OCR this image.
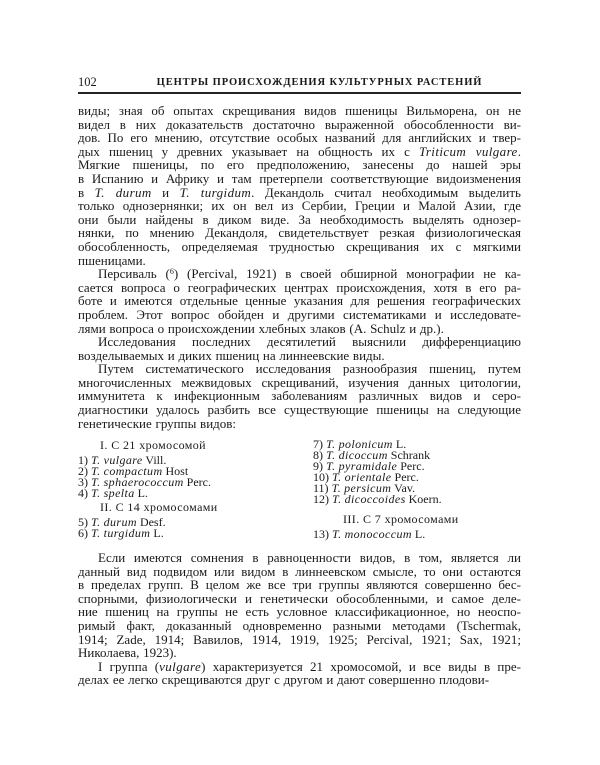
102	ЦЕНТРЫ ПРОИСХОЖДЕНИЯ КУЛЬТУРНЫХ РАСТЕНИЙ
виды; зная об опытах скрещивания видов пшеницы Вильморена, он не
видел в них доказательств достаточно выраженной обособленности ви-
дов. По его мнению, отсутствие особых названий для английских и твер-
дых пшениц у древних указывает на общность их с Triticum vulgare.
Мягкие пшеницы, по его предположению, занесены до нашей эры
в Испанию и Африку и там претерпели соответствующие видоизменения
в T. durum и T. turgidum. Декандоль считал необходимым выделить
только однозернянки; их он вел из Сербии, Греции и Малой Азии, где
они были найдены в диком виде. За необходимость выделять однозер-
нянки, по мнению Декандоля, свидетельствует резкая физиологическая
обособленность, определяемая трудностью скрещивания их с мягкими
пшеницами.
Персиваль ($^6$) (Percival, 1921) в своей обширной монографии не ка-
сается вопроса о географических центрах происхождения, хотя в его ра-
боте и имеются отдельные ценные указания для решения географических
проблем. Этот вопрос обойден и другими систематиками и исследовате-
лями вопроса о происхождении хлебных злаков (A. Schulz и др.).
Исследования последних десятилетий выяснили дифференциацию
возделываемых и диких пшениц на линнеевские виды.
Путем систематического исследования разнообразия пшениц, путем
многочисленных межвидовых скрещиваний, изучения данных цитологии,
иммунитета к инфекционным заболеваниям различных видов и серо-
диагностики удалось разбить все существующие пшеницы на следующие
генетические группы видов:
I. С 21 хромосомой
1) T. vulgare Vill.
2) T. compactum Host
3) T. sphaerococcum Perc.
4) T. spelta L.
II. С 14 хромосомами
5) T. durum Desf.
6) T. turgidum L.
7) T. polonicum L.
8) T. dicoccum Schrank
9) T. pyramidale Perc.
10) T. orientale Perc.
11) T. persicum Vav.
12) T. dicoccoides Koern.
III. С 7 хромосомами
13) T. monococcum L.
Если имеются сомнения в равноценности видов, в том, является ли
данный вид подвидом или видом в линнеевском смысле, то они остаются
в пределах групп. В целом же все три группы являются совершенно бес-
спорными, физиологически и генетически обособленными, и самое деле-
ние пшениц на группы не есть условное классификационное, но неоспо-
римый факт, доказанный одновременно разными методами (Tschermak,
1914; Zade, 1914; Вавилов, 1914, 1919, 1925; Percival, 1921; Sax, 1921;
Николаева, 1923).
I группа (vulgare) характеризуется 21 хромосомой, и все виды в пре-
делах ее легко скрещиваются друг с другом и дают совершенно плодови-
